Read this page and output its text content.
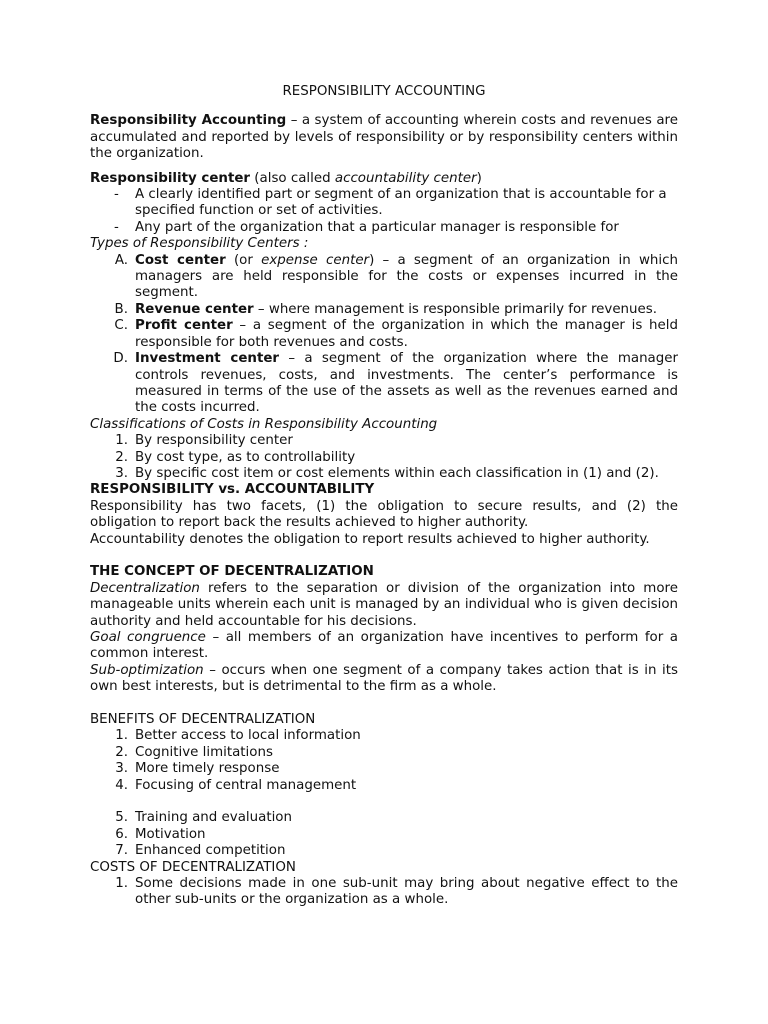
RESPONSIBILITY ACCOUNTING

Responsibility Accounting – a system of accounting wherein costs and revenues are accumulated and reported by levels of responsibility or by responsibility centers within the organization.

Responsibility center (also called accountability center)

- A clearly identified part or segment of an organization that is accountable for a specified function or set of activities.
- Any part of the organization that a particular manager is responsible for

Types of Responsibility Centers :

A. Cost center (or expense center) – a segment of an organization in which managers are held responsible for the costs or expenses incurred in the segment.
B. Revenue center – where management is responsible primarily for revenues.
C. Profit center – a segment of the organization in which the manager is held responsible for both revenues and costs.
D. Investment center – a segment of the organization where the manager controls revenues, costs, and investments. The center’s performance is measured in terms of the use of the assets as well as the revenues earned and the costs incurred.

Classifications of Costs in Responsibility Accounting

1. By responsibility center
2. By cost type, as to controllability
3. By specific cost item or cost elements within each classification in (1) and (2).

RESPONSIBILITY vs. ACCOUNTABILITY

Responsibility has two facets, (1) the obligation to secure results, and (2) the obligation to report back the results achieved to higher authority.

Accountability denotes the obligation to report results achieved to higher authority.

THE CONCEPT OF DECENTRALIZATION

Decentralization refers to the separation or division of the organization into more manageable units wherein each unit is managed by an individual who is given decision authority and held accountable for his decisions.

Goal congruence – all members of an organization have incentives to perform for a common interest.

Sub-optimization – occurs when one segment of a company takes action that is in its own best interests, but is detrimental to the firm as a whole.

BENEFITS OF DECENTRALIZATION

1. Better access to local information
2. Cognitive limitations
3. More timely response
4. Focusing of central management
5. Training and evaluation
6. Motivation
7. Enhanced competition

COSTS OF DECENTRALIZATION

1. Some decisions made in one sub-unit may bring about negative effect to the other sub-units or the organization as a whole.
